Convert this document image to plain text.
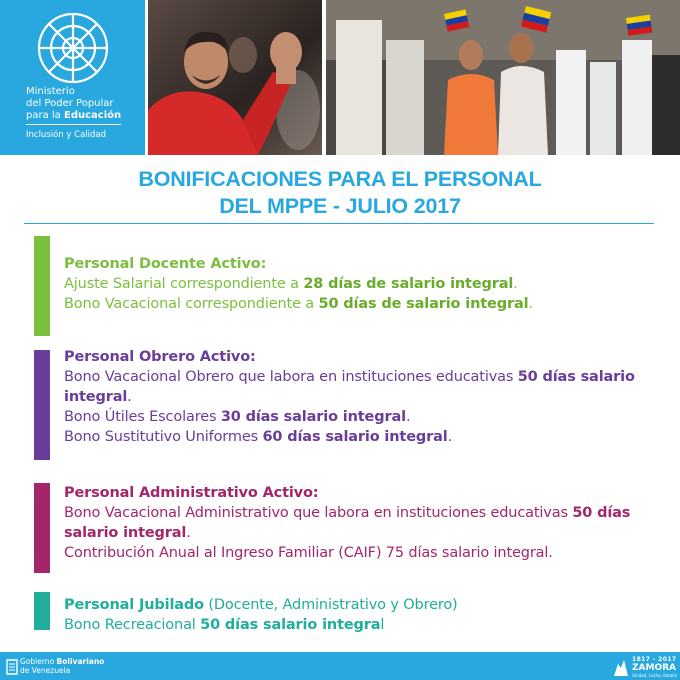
Ministerio
del Poder Popular
para la Educación
Inclusión y Calidad
BONIFICACIONES PARA EL PERSONAL
DEL MPPE - JULIO 2017
Personal Docente Activo:
Ajuste Salarial correspondiente a 28 días de salario integral.
Bono Vacacional correspondiente a 50 días de salario integral.
Personal Obrero Activo:
Bono Vacacional Obrero que labora en instituciones educativas 50 días salario integral.
Bono Útiles Escolares 30 días salario integral.
Bono Sustitutivo Uniformes 60 días salario integral.
Personal Administrativo Activo:
Bono Vacacional Administrativo que labora en instituciones educativas 50 días salario integral.
Contribución Anual al Ingreso Familiar (CAIF) 75 días salario integral.
Personal Jubilado (Docente, Administrativo y Obrero)
Bono Recreacional 50 días salario integral
Gobierno Bolivariano
de Venezuela
1817 - 2017
ZAMORA
Unidad, Lucha, Batalla
